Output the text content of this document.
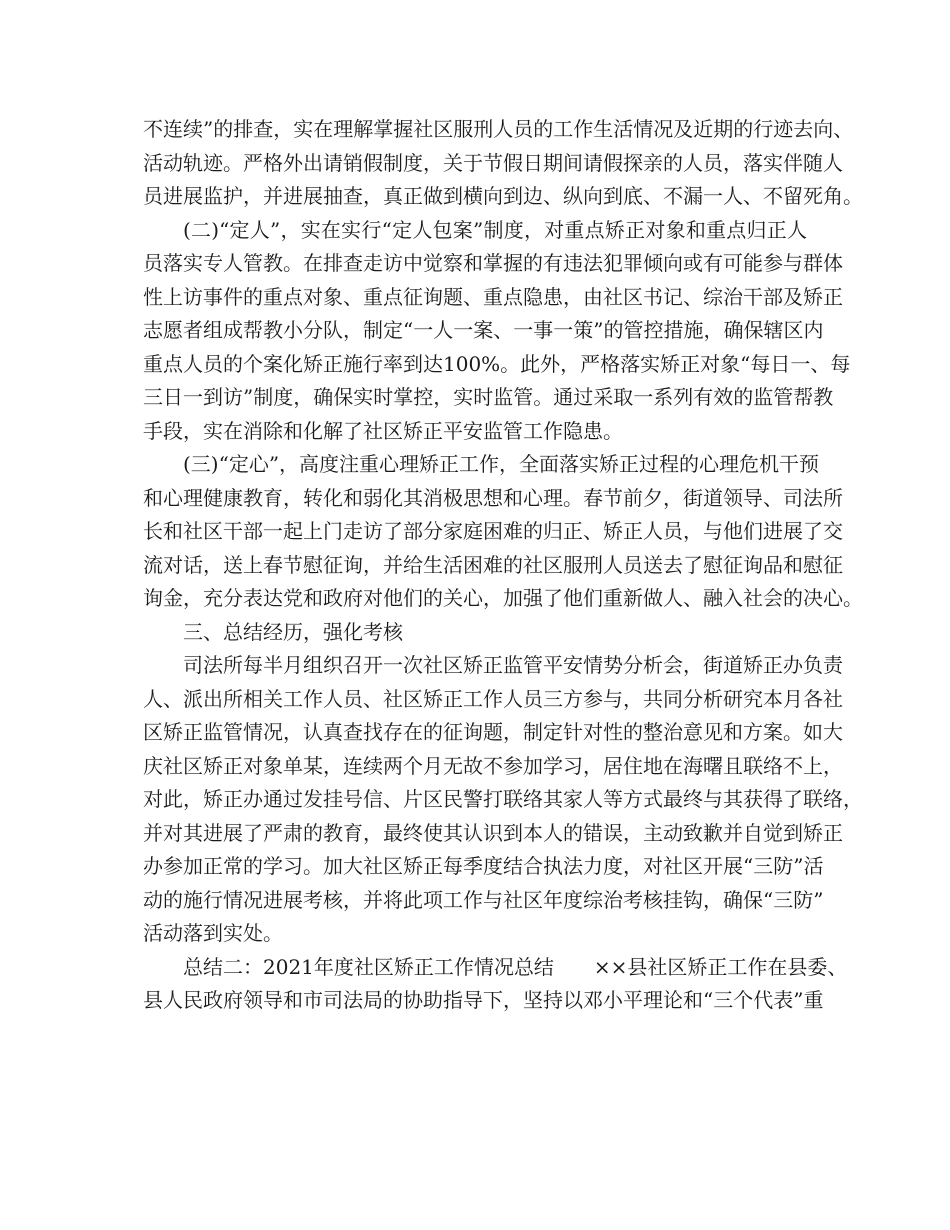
不连续”的排查，实在理解掌握社区服刑人员的工作生活情况及近期的行迹去向、
活动轨迹。严格外出请销假制度，关于节假日期间请假探亲的人员，落实伴随人
员进展监护，并进展抽查，真正做到横向到边、纵向到底、不漏一人、不留死角。
(二)“定人”，实在实行“定人包案”制度，对重点矫正对象和重点归正人
员落实专人管教。在排查走访中觉察和掌握的有违法犯罪倾向或有可能参与群体
性上访事件的重点对象、重点征询题、重点隐患，由社区书记、综治干部及矫正
志愿者组成帮教小分队，制定“一人一案、一事一策”的管控措施，确保辖区内
重点人员的个案化矫正施行率到达100%。此外，严格落实矫正对象“每日一、每
三日一到访”制度，确保实时掌控，实时监管。通过采取一系列有效的监管帮教
手段，实在消除和化解了社区矫正平安监管工作隐患。
(三)“定心”，高度注重心理矫正工作，全面落实矫正过程的心理危机干预
和心理健康教育，转化和弱化其消极思想和心理。春节前夕，街道领导、司法所
长和社区干部一起上门走访了部分家庭困难的归正、矫正人员，与他们进展了交
流对话，送上春节慰征询，并给生活困难的社区服刑人员送去了慰征询品和慰征
询金，充分表达党和政府对他们的关心，加强了他们重新做人、融入社会的决心。
三、总结经历，强化考核
司法所每半月组织召开一次社区矫正监管平安情势分析会，街道矫正办负责
人、派出所相关工作人员、社区矫正工作人员三方参与，共同分析研究本月各社
区矫正监管情况，认真查找存在的征询题，制定针对性的整治意见和方案。如大
庆社区矫正对象单某，连续两个月无故不参加学习，居住地在海曙且联络不上，
对此，矫正办通过发挂号信、片区民警打联络其家人等方式最终与其获得了联络，
并对其进展了严肃的教育，最终使其认识到本人的错误，主动致歉并自觉到矫正
办参加正常的学习。加大社区矫正每季度结合执法力度，对社区开展“三防”活
动的施行情况进展考核，并将此项工作与社区年度综治考核挂钩，确保“三防”
活动落到实处。
总结二：2021年度社区矫正工作情况总结　　××县社区矫正工作在县委、
县人民政府领导和市司法局的协助指导下，坚持以邓小平理论和“三个代表”重
